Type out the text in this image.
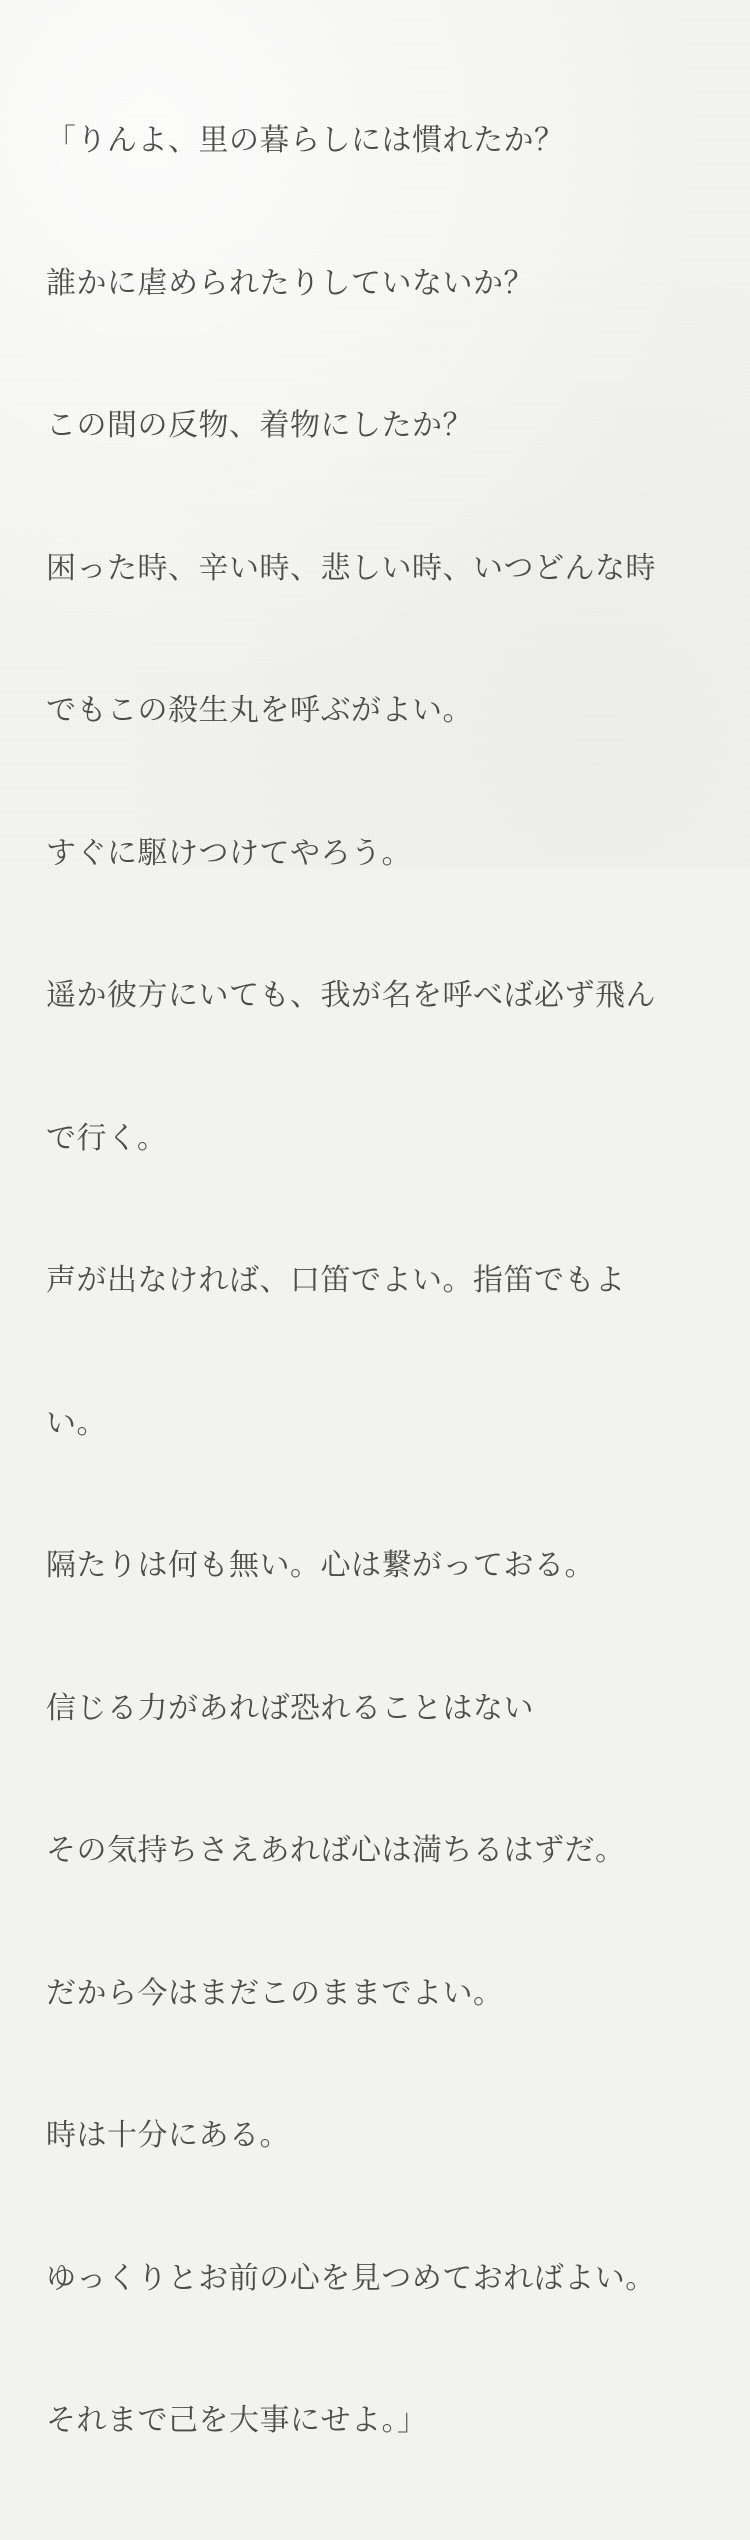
「りんよ、里の暮らしには慣れたか？

誰かに虐められたりしていないか？

この間の反物、着物にしたか？

困った時、辛い時、悲しい時、いつどんな時

でもこの殺生丸を呼ぶがよい。

すぐに駆けつけてやろう。

遥か彼方にいても、我が名を呼べば必ず飛ん

で行く。

声が出なければ、口笛でよい。指笛でもよ

い。

隔たりは何も無い。心は繋がっておる。

信じる力があれば恐れることはない

その気持ちさえあれば心は満ちるはずだ。

だから今はまだこのままでよい。

時は十分にある。

ゆっくりとお前の心を見つめておればよい。

それまで己を大事にせよ。」
